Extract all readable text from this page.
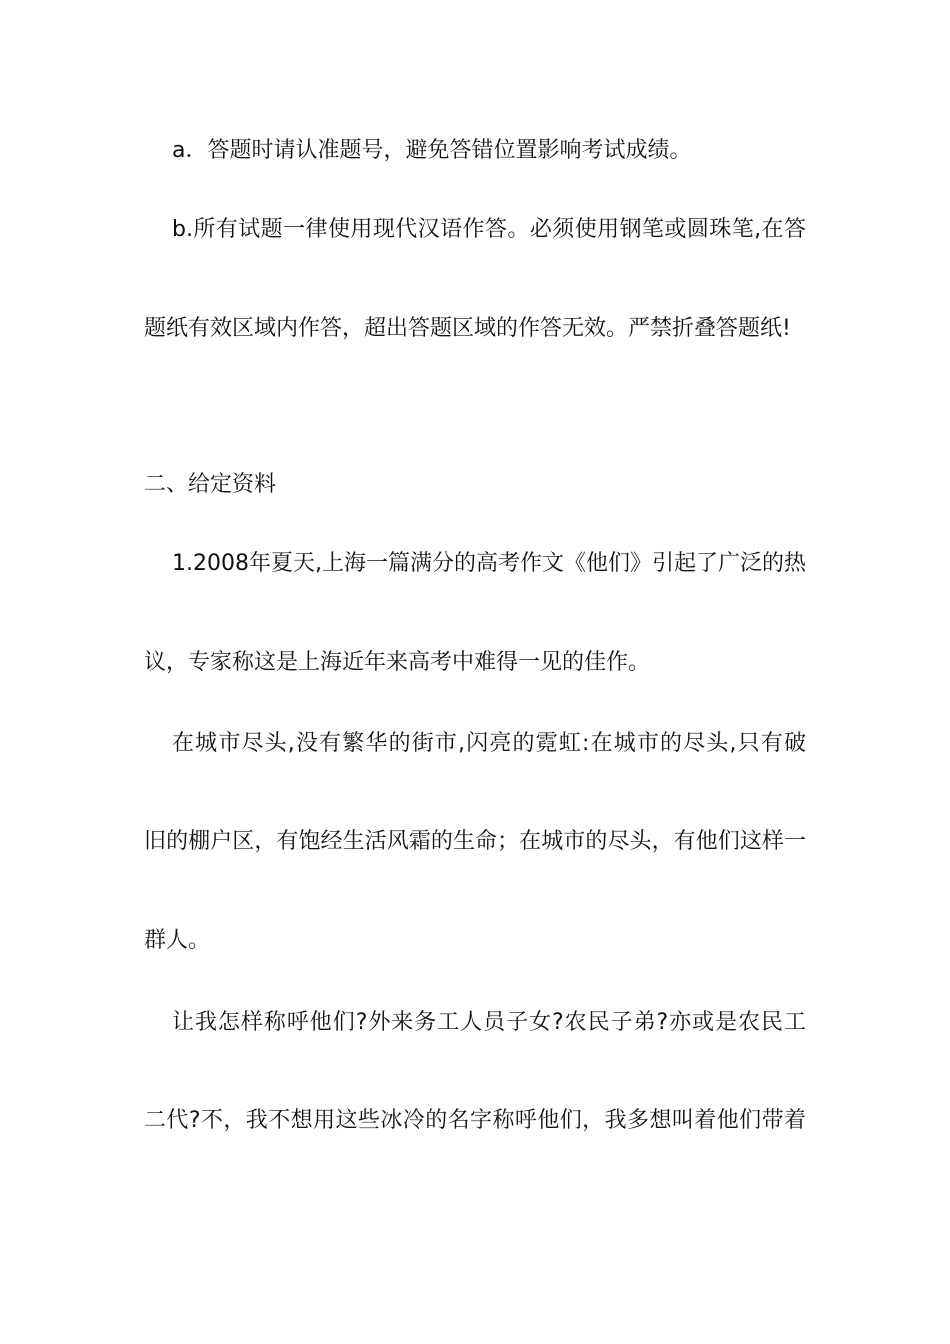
a．答题时请认准题号，避免答错位置影响考试成绩。

b.所有试题一律使用现代汉语作答。必须使用钢笔或圆珠笔,在答

题纸有效区域内作答，超出答题区域的作答无效。严禁折叠答题纸!

二、给定资料

1.2008年夏天,上海一篇满分的高考作文《他们》引起了广泛的热

议，专家称这是上海近年来高考中难得一见的佳作。

在城市尽头,没有繁华的街市,闪亮的霓虹:在城市的尽头,只有破

旧的棚户区，有饱经生活风霜的生命；在城市的尽头，有他们这样一

群人。

让我怎样称呼他们?外来务工人员子女?农民子弟?亦或是农民工

二代?不，我不想用这些冰冷的名字称呼他们，我多想叫着他们带着
